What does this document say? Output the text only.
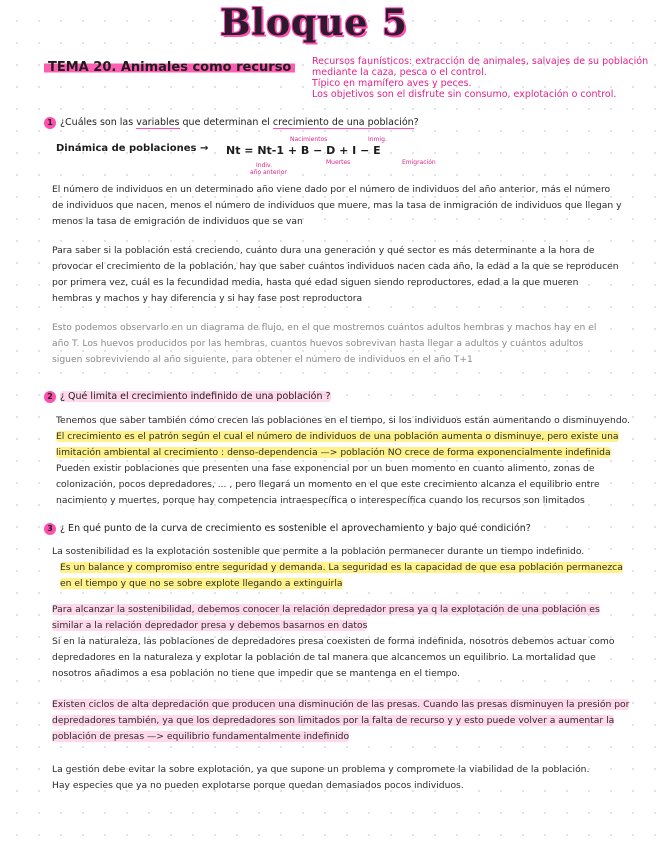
Bloque 5
TEMA 20. Animales como recurso	Recursos faunísticos: extracción de animales, salvajes de su población
mediante la caza, pesca o el control.
Típico en mamífero aves y peces.
Los objetivos son el disfrute sin consumo, explotación o control.
1 ¿Cuáles son las variables que determinan el crecimiento de una población?
Dinámica de poblaciones →
Nacimientos	Inmig.
Nt = Nt-1 + B − D + I − E
Indiv.
año anterior
Muertes	Emigración
El número de individuos en un determinado año viene dado por el número de individuos del año anterior, más el número
de individuos que nacen, menos el número de individuos que muere, mas la tasa de inmigración de individuos que llegan y
menos la tasa de emigración de individuos que se van
Para saber si la población está creciendo, cuánto dura una generación y qué sector es más determinante a la hora de
provocar el crecimiento de la población, hay que saber cuántos individuos nacen cada año, la edad a la que se reproducen
por primera vez, cuál es la fecundidad media, hasta qué edad siguen siendo reproductores, edad a la que mueren
hembras y machos y hay diferencia y si hay fase post reproductora
Esto podemos observarlo en un diagrama de flujo, en el que mostremos cuántos adultos hembras y machos hay en el
año T. Los huevos producidos por las hembras, cuantos huevos sobrevivan hasta llegar a adultos y cuántos adultos
siguen sobreviviendo al año siguiente, para obtener el número de individuos en el año T+1
2 ¿ Qué limita el crecimiento indefinido de una población ?
Tenemos que saber también cómo crecen las poblaciones en el tiempo, si los individuos están aumentando o disminuyendo.
El crecimiento es el patrón según el cual el número de individuos de una población aumenta o disminuye, pero existe una
limitación ambiental al crecimiento : denso-dependencia —> población NO crece de forma exponencialmente indefinida
Pueden existir poblaciones que presenten una fase exponencial por un buen momento en cuanto alimento, zonas de
colonización, pocos depredadores, ... , pero llegará un momento en el que este crecimiento alcanza el equilibrio entre
nacimiento y muertes, porque hay competencia intraespecífica o interespecífica cuando los recursos son limitados
3 ¿ En qué punto de la curva de crecimiento es sostenible el aprovechamiento y bajo qué condición?
La sostenibilidad es la explotación sostenible que permite a la población permanecer durante un tiempo indefinido.
Es un balance y compromiso entre seguridad y demanda. La seguridad es la capacidad de que esa población permanezca
en el tiempo y que no se sobre explote llegando a extinguirla
Para alcanzar la sostenibilidad, debemos conocer la relación depredador presa ya q la explotación de una población es
similar a la relación depredador presa y debemos basarnos en datos
Si en la naturaleza, las poblaciones de depredadores presa coexisten de forma indefinida, nosotros debemos actuar como
depredadores en la naturaleza y explotar la población de tal manera que alcancemos un equilibrio. La mortalidad que
nosotros añadimos a esa población no tiene que impedir que se mantenga en el tiempo.
Existen ciclos de alta depredación que producen una disminución de las presas. Cuando las presas disminuyen la presión por
depredadores también, ya que los depredadores son limitados por la falta de recurso y y esto puede volver a aumentar la
población de presas —> equilibrio fundamentalmente indefinido
La gestión debe evitar la sobre explotación, ya que supone un problema y compromete la viabilidad de la población.
Hay especies que ya no pueden explotarse porque quedan demasiados pocos individuos.
